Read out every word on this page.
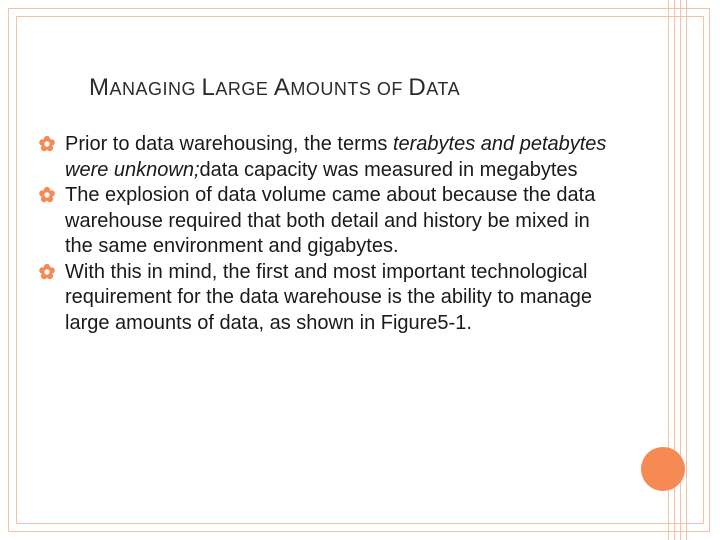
MANAGING LARGE AMOUNTS OF DATA
Prior to data warehousing, the terms terabytes and petabytes were unknown;data capacity was measured in megabytes
The explosion of data volume came about because the data warehouse required that both detail and history be mixed in the same environment and gigabytes.
With this in mind, the first and most important technological requirement for the data warehouse is the ability to manage large amounts of data, as shown in Figure5-1.
